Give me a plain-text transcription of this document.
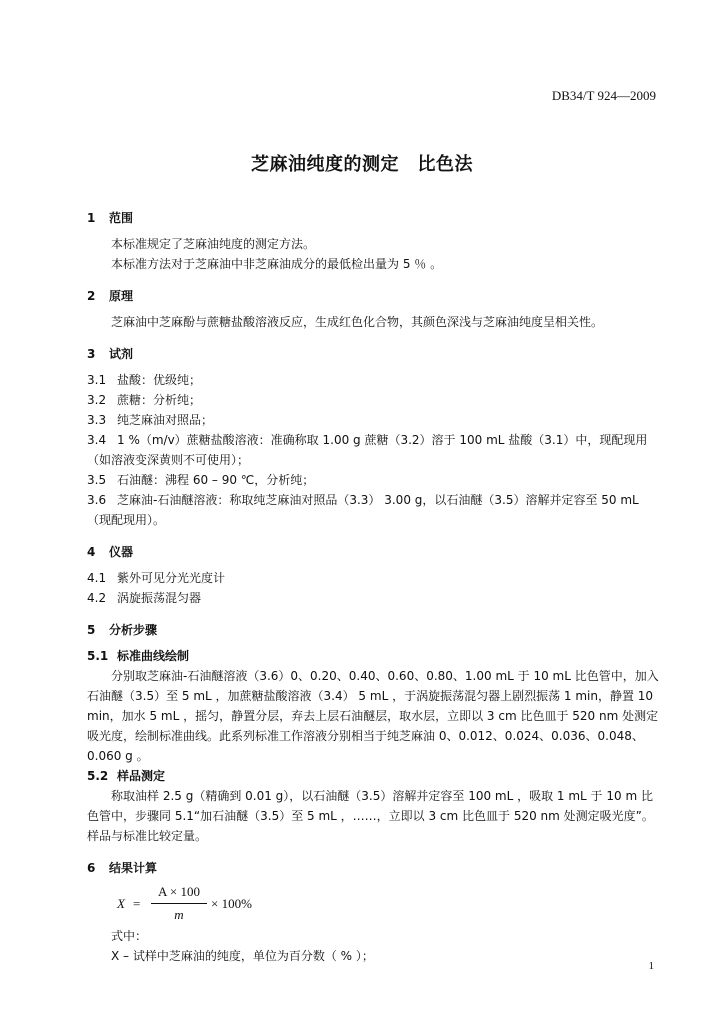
DB34/T 924—2009
芝麻油纯度的测定　比色法
1 范围

本标准规定了芝麻油纯度的测定方法。

本标准方法对于芝麻油中非芝麻油成分的最低检出量为 5 ％ 。

2 原理

芝麻油中芝麻酚与蔗糖盐酸溶液反应，生成红色化合物，其颜色深浅与芝麻油纯度呈相关性。

3 试剂

3.1 盐酸：优级纯；

3.2 蔗糖：分析纯；

3.3 纯芝麻油对照品；

3.4 1 %（m/v）蔗糖盐酸溶液：准确称取 1.00 g 蔗糖（3.2）溶于 100 mL 盐酸（3.1）中，现配现用（如溶液变深黄则不可使用）；

3.5 石油醚：沸程 60 – 90 ℃，分析纯；

3.6 芝麻油-石油醚溶液：称取纯芝麻油对照品（3.3） 3.00 g，以石油醚（3.5）溶解并定容至 50 mL（现配现用）。

4 仪器

4.1 紫外可见分光光度计

4.2 涡旋振荡混匀器

5 分析步骤
5.1 标准曲线绘制

分别取芝麻油-石油醚溶液（3.6）0、0.20、0.40、0.60、0.80、1.00 mL 于 10 mL 比色管中，加入石油醚（3.5）至 5 mL ，加蔗糖盐酸溶液（3.4） 5 mL ，于涡旋振荡混匀器上剧烈振荡 1 min，静置 10 min，加水 5 mL ，摇匀，静置分层，弃去上层石油醚层，取水层，立即以 3 cm 比色皿于 520 nm 处测定吸光度，绘制标准曲线。此系列标准工作溶液分别相当于纯芝麻油 0、0.012、0.024、0.036、0.048、0.060 g 。

5.2 样品测定

称取油样 2.5 g（精确到 0.01 g），以石油醚（3.5）溶解并定容至 100 mL ，吸取 1 mL 于 10 m 比色管中，步骤同 5.1“加石油醚（3.5）至 5 mL ，……，立即以 3 cm 比色皿于 520 nm 处测定吸光度”。样品与标准比较定量。

6 结果计算
$X = \frac{A \times 100}{m} \times 100\%$

式中：

X – 试样中芝麻油的纯度，单位为百分数（ % ）；

1
